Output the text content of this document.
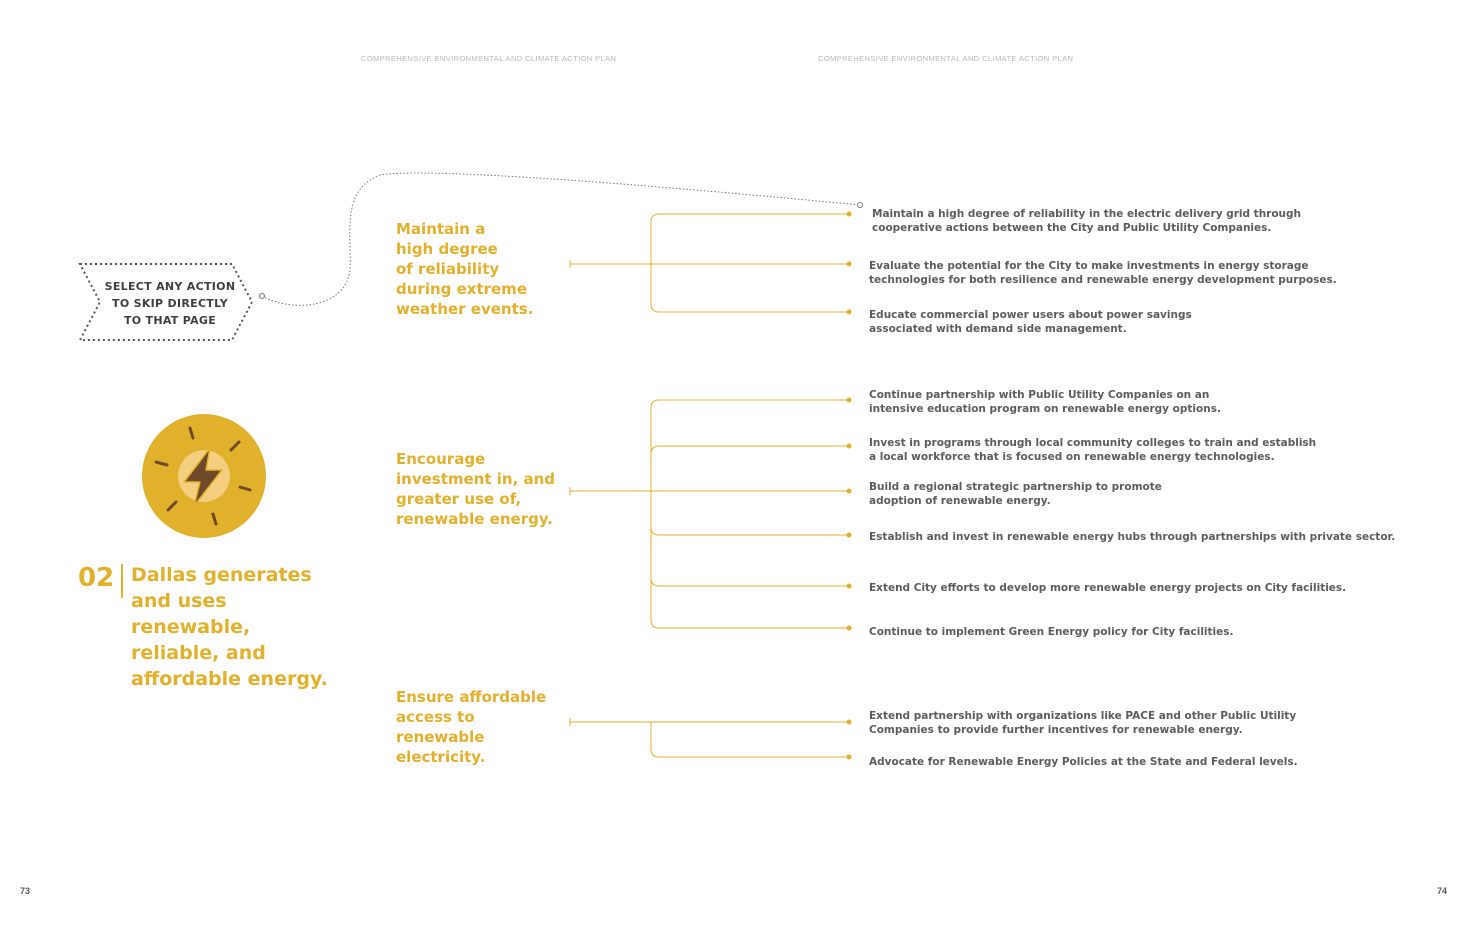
COMPREHENSIVE ENVIRONMENTAL AND CLIMATE ACTION PLAN	COMPREHENSIVE ENVIRONMENTAL AND CLIMATE ACTION PLAN
SELECT ANY ACTION
TO SKIP DIRECTLY
TO THAT PAGE
02 Dallas generates
and uses
renewable,
reliable, and
affordable energy.
Maintain a
high degree
of reliability
during extreme
weather events.
Encourage
investment in, and
greater use of,
renewable energy.
Ensure affordable
access to
renewable
electricity.
Maintain a high degree of reliability in the electric delivery grid through
cooperative actions between the City and Public Utility Companies.
Evaluate the potential for the City to make investments in energy storage
technologies for both resilience and renewable energy development purposes.
Educate commercial power users about power savings
associated with demand side management.
Continue partnership with Public Utility Companies on an
intensive education program on renewable energy options.
Invest in programs through local community colleges to train and establish
a local workforce that is focused on renewable energy technologies.
Build a regional strategic partnership to promote
adoption of renewable energy.
Establish and invest in renewable energy hubs through partnerships with private sector.
Extend City efforts to develop more renewable energy projects on City facilities.
Continue to implement Green Energy policy for City facilities.
Extend partnership with organizations like PACE and other Public Utility
Companies to provide further incentives for renewable energy.
Advocate for Renewable Energy Policies at the State and Federal levels.
73	74
